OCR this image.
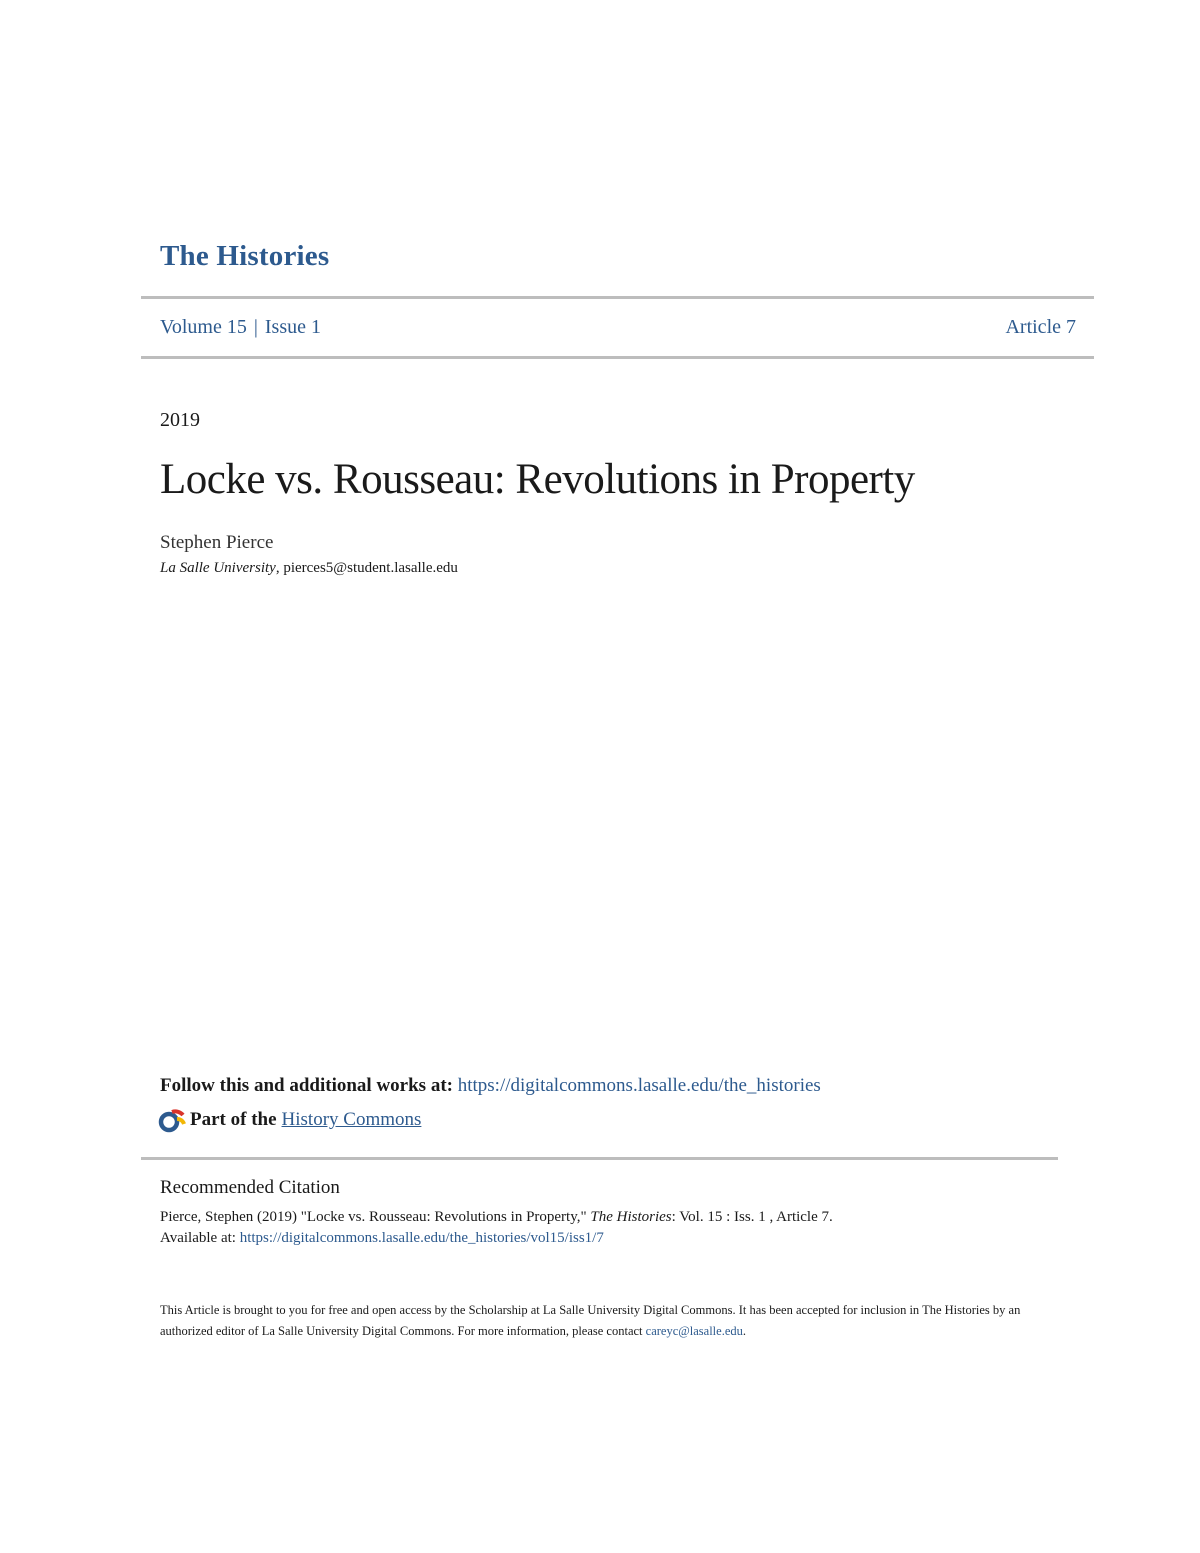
The Histories
Volume 15 | Issue 1	Article 7
2019
Locke vs. Rousseau: Revolutions in Property
Stephen Pierce
La Salle University, pierces5@student.lasalle.edu
Follow this and additional works at: https://digitalcommons.lasalle.edu/the_histories
Part of the History Commons
Recommended Citation
Pierce, Stephen (2019) "Locke vs. Rousseau: Revolutions in Property," The Histories: Vol. 15 : Iss. 1 , Article 7.
Available at: https://digitalcommons.lasalle.edu/the_histories/vol15/iss1/7
This Article is brought to you for free and open access by the Scholarship at La Salle University Digital Commons. It has been accepted for inclusion in The Histories by an authorized editor of La Salle University Digital Commons. For more information, please contact careyc@lasalle.edu.
